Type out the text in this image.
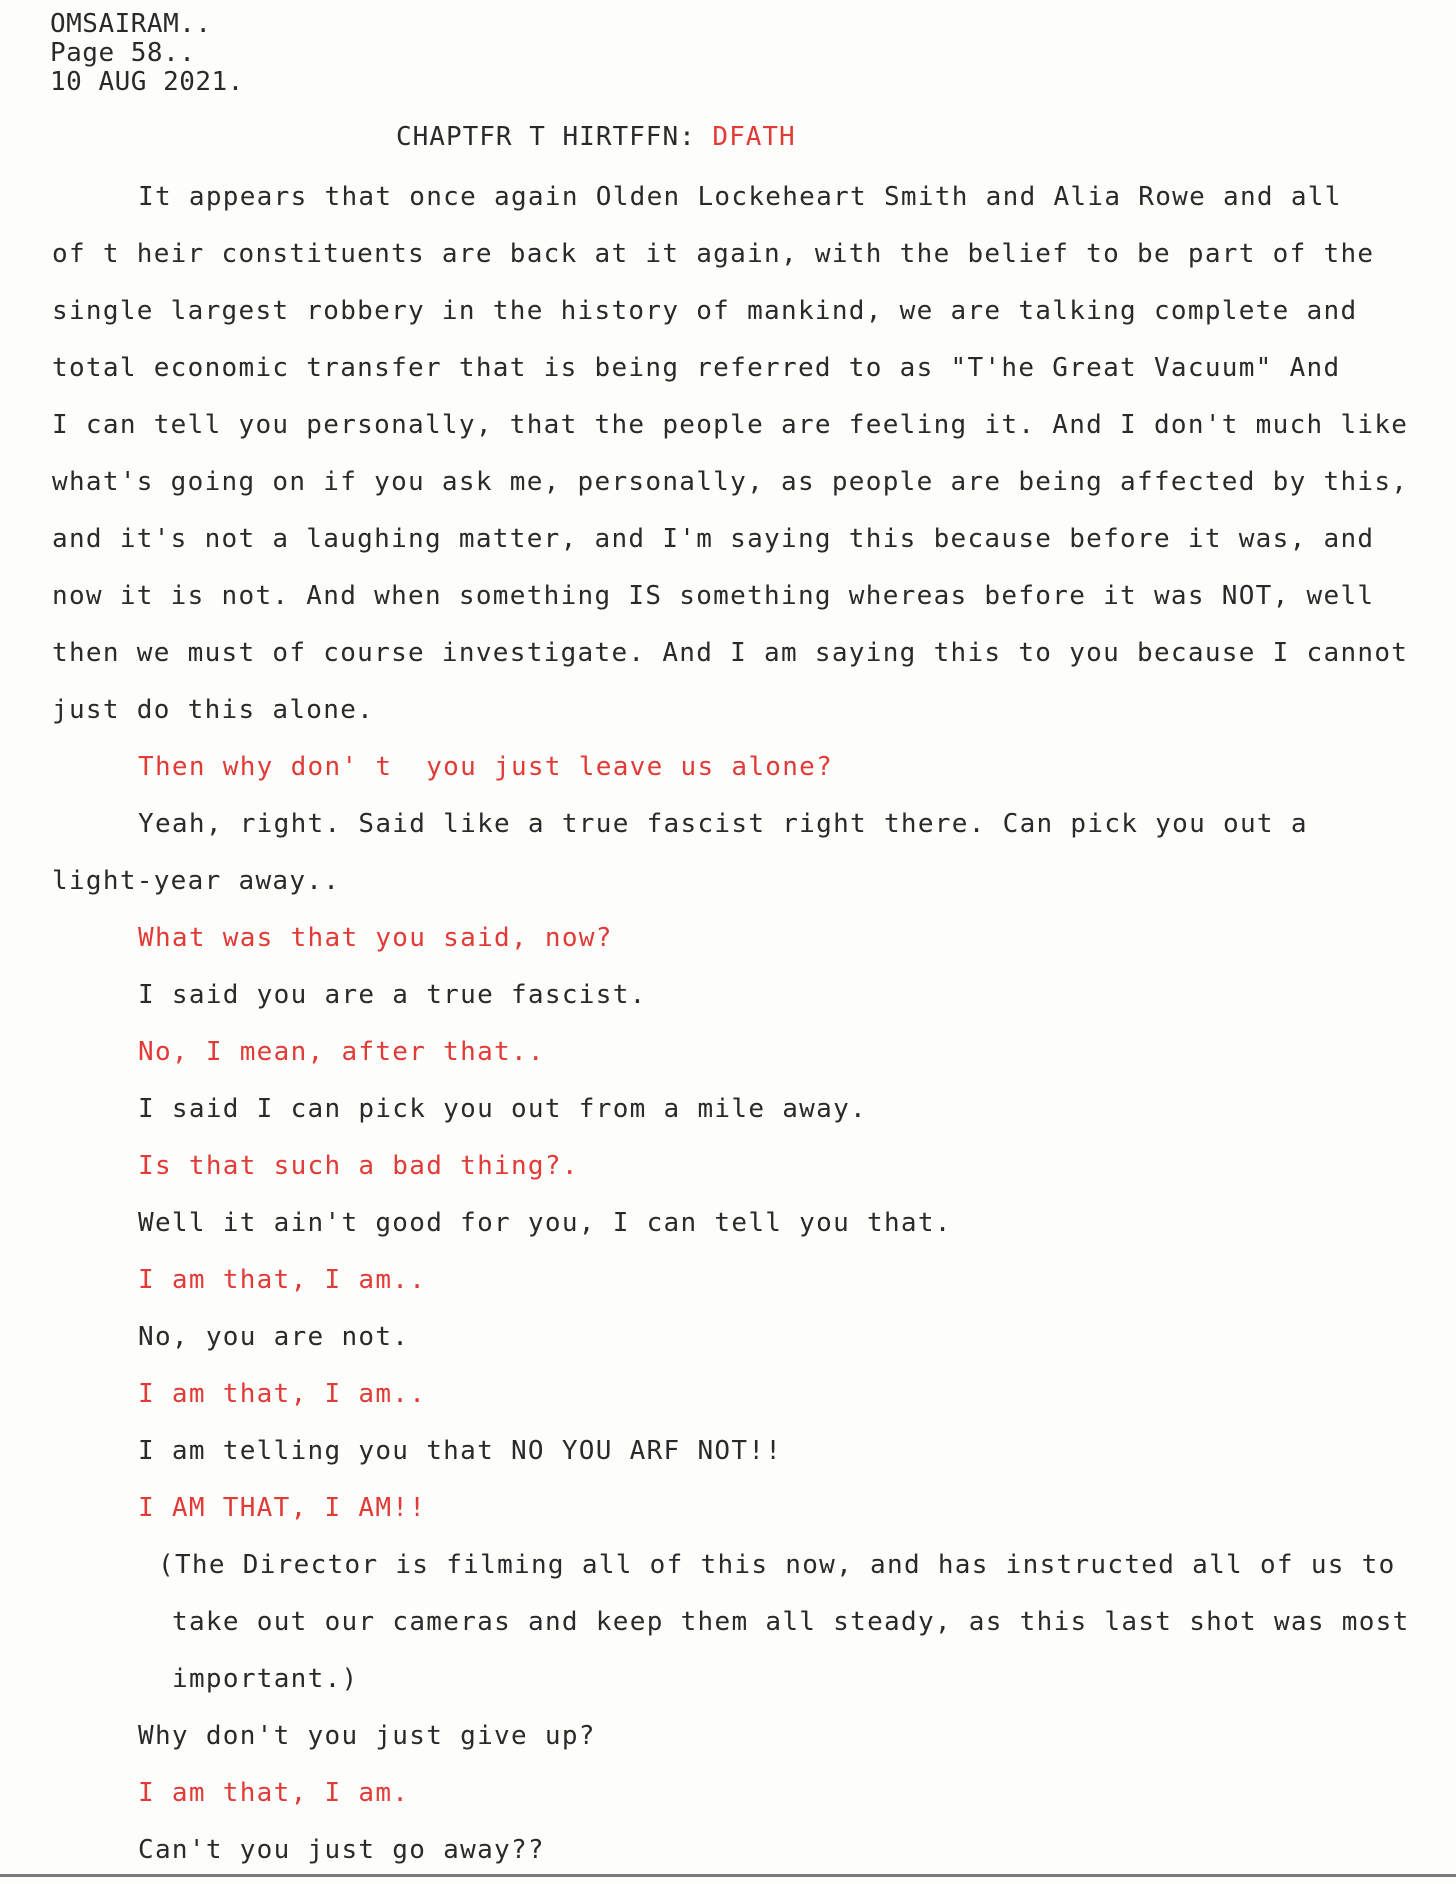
OMSAIRAM..
Page 58..
10 AUG 2021.
CHAPTFR T HIRTFFN: DFATH
It appears that once again Olden Lockeheart Smith and Alia Rowe and all
of t heir constituents are back at it again, with the belief to be part of the
single largest robbery in the history of mankind, we are talking complete and
total economic transfer that is being referred to as "T'he Great Vacuum" And
I can tell you personally, that the people are feeling it. And I don't much like
what's going on if you ask me, personally, as people are being affected by this,
and it's not a laughing matter, and I'm saying this because before it was, and
now it is not. And when something IS something whereas before it was NOT, well
then we must of course investigate. And I am saying this to you because I cannot
just do this alone.
Then why don' t  you just leave us alone?
Yeah, right. Said like a true fascist right there. Can pick you out a
light-year away..
What was that you said, now?
I said you are a true fascist.
No, I mean, after that..
I said I can pick you out from a mile away.
Is that such a bad thing?.
Well it ain't good for you, I can tell you that.
I am that, I am..
No, you are not.
I am that, I am..
I am telling you that NO YOU ARF NOT!!
I AM THAT, I AM!!
(The Director is filming all of this now, and has instructed all of us to
take out our cameras and keep them all steady, as this last shot was most
important.)
Why don't you just give up?
I am that, I am.
Can't you just go away??
